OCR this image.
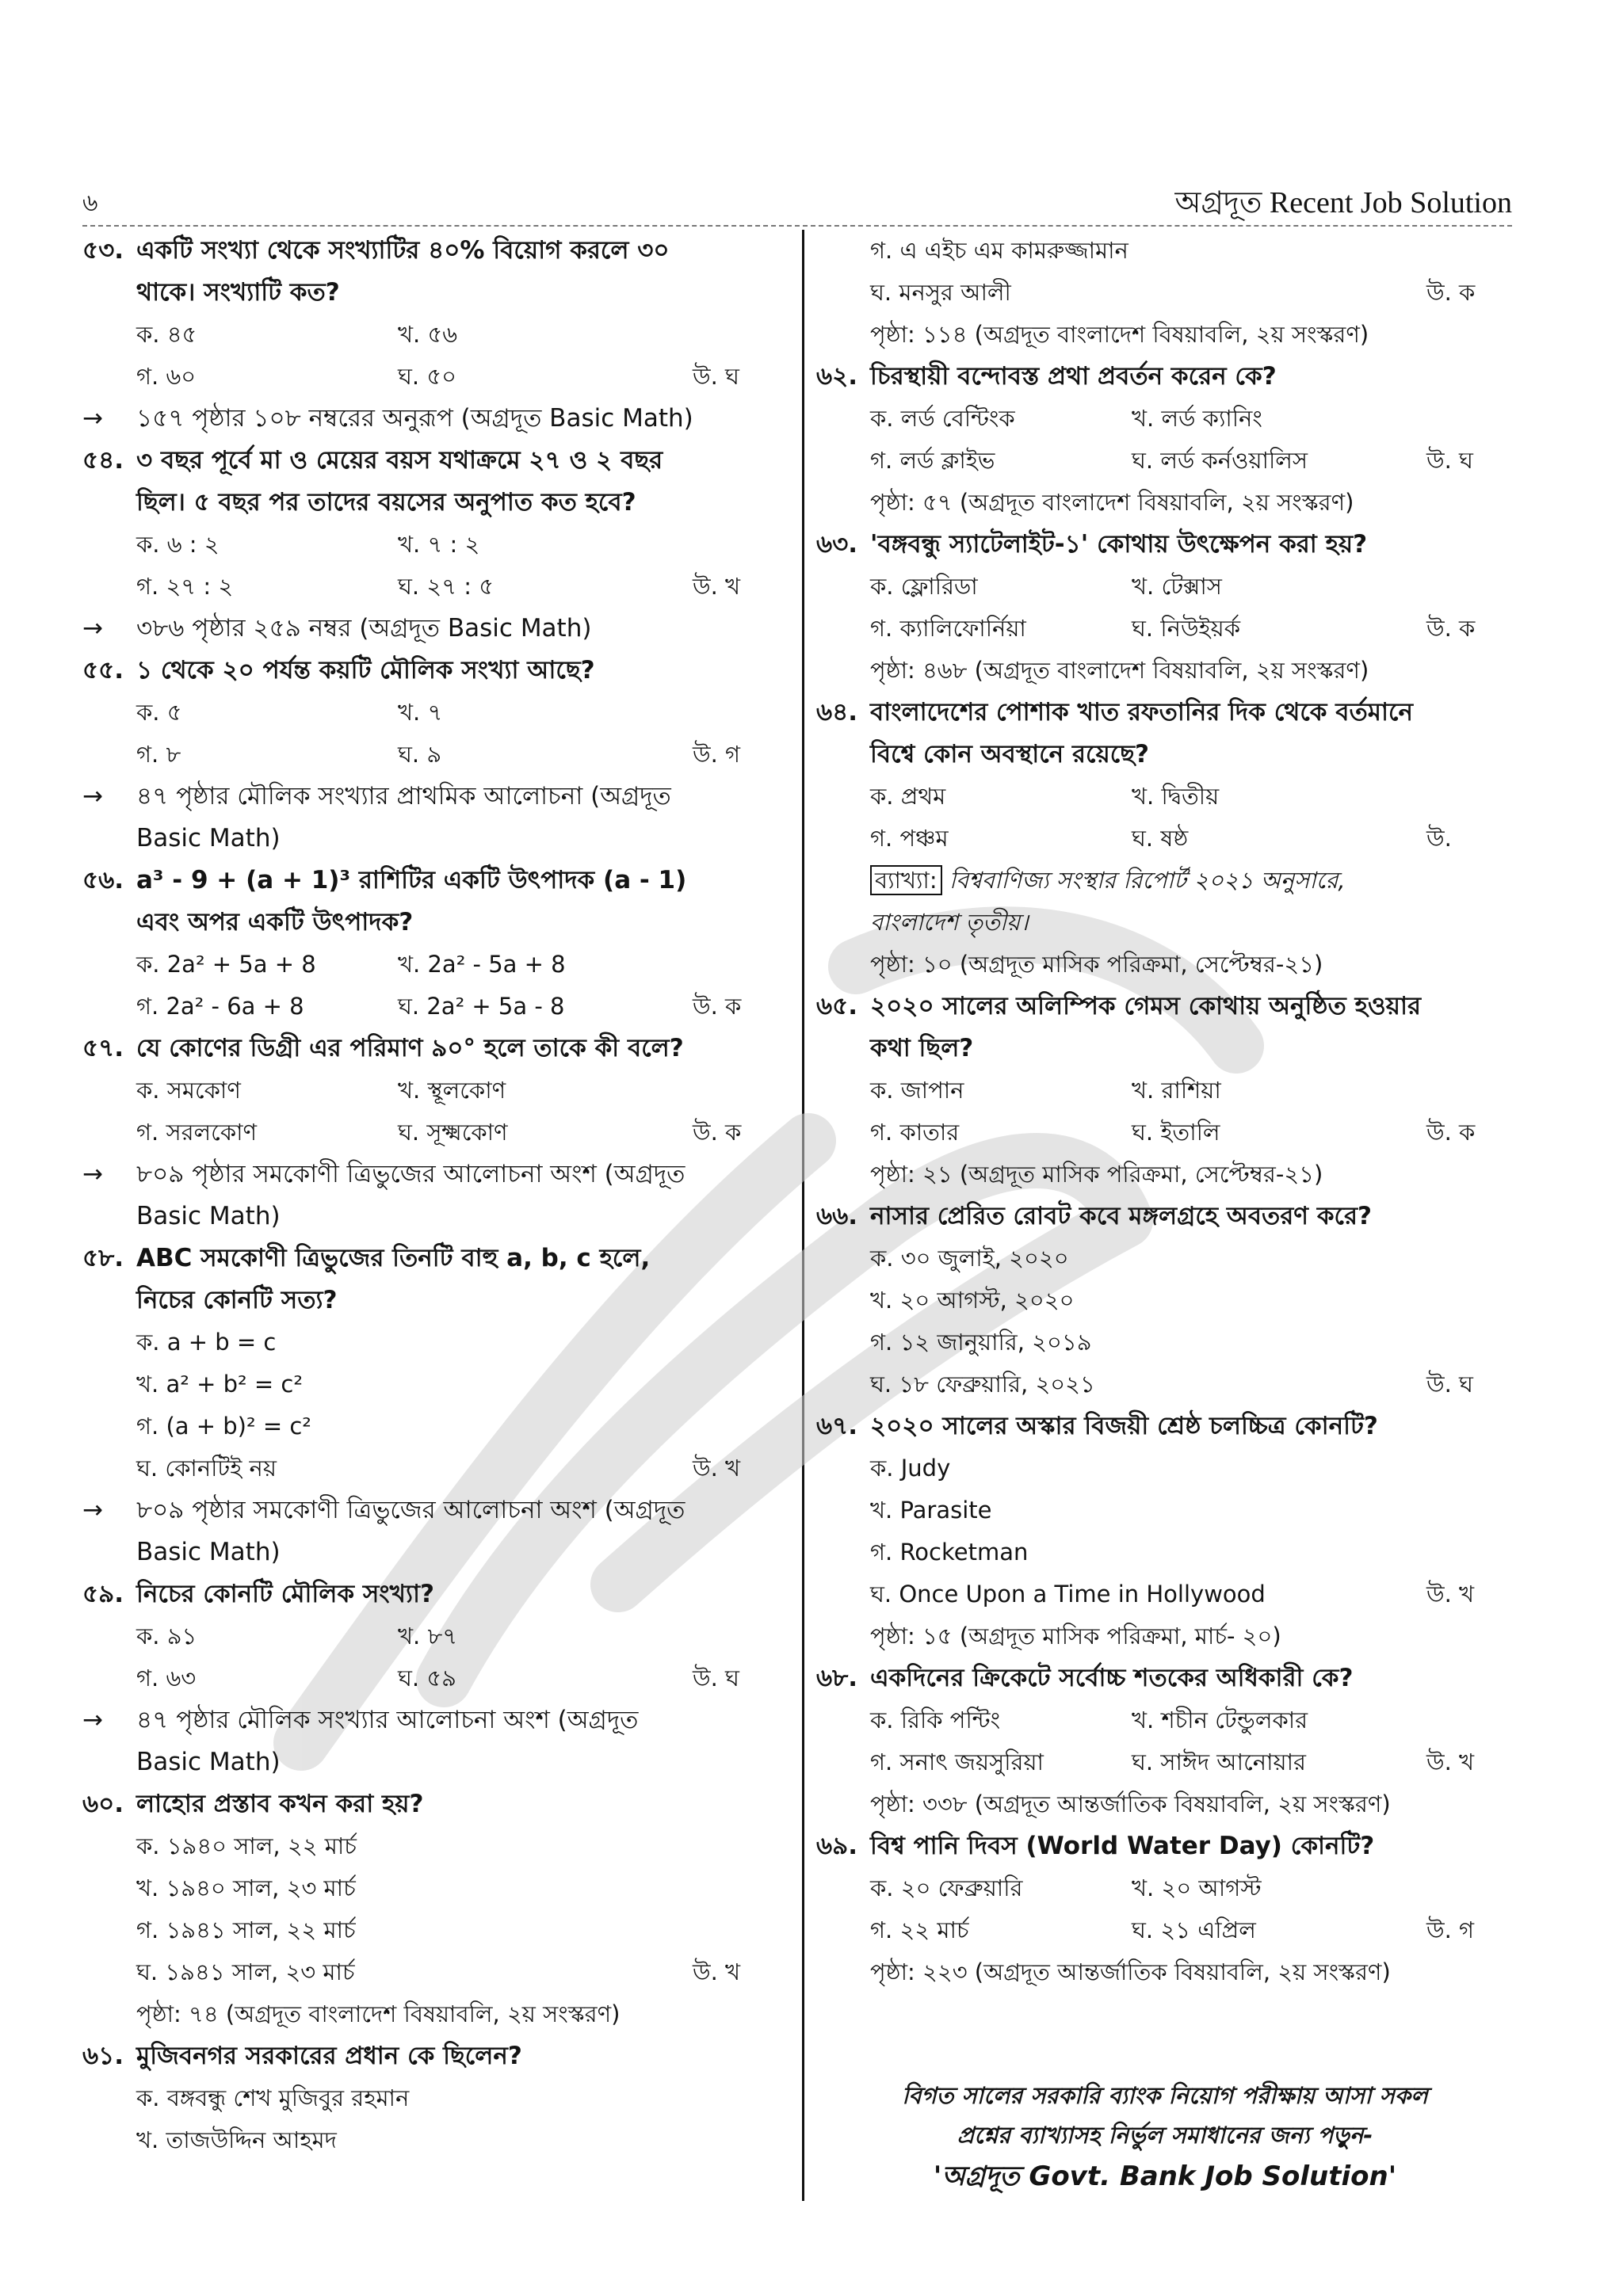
৬	অগ্রদূত Recent Job Solution
৫৩. একটি সংখ্যা থেকে সংখ্যাটির ৪০% বিয়োগ করলে ৩০
থাকে। সংখ্যাটি কত?
ক. ৪৫	খ. ৫৬
গ. ৬০	ঘ. ৫০	উ. ঘ
→	১৫৭ পৃষ্ঠার ১০৮ নম্বরের অনুরূপ (অগ্রদূত Basic Math)
৫৪. ৩ বছর পূর্বে মা ও মেয়ের বয়স যথাক্রমে ২৭ ও ২ বছর
ছিল। ৫ বছর পর তাদের বয়সের অনুপাত কত হবে?
ক. ৬ : ২	খ. ৭ : ২
গ. ২৭ : ২	ঘ. ২৭ : ৫	উ. খ
→	৩৮৬ পৃষ্ঠার ২৫৯ নম্বর (অগ্রদূত Basic Math)
৫৫. ১ থেকে ২০ পর্যন্ত কয়টি মৌলিক সংখ্যা আছে?
ক. ৫	খ. ৭
গ. ৮	ঘ. ৯	উ. গ
→	৪৭ পৃষ্ঠার মৌলিক সংখ্যার প্রাথমিক আলোচনা (অগ্রদূত
Basic Math)
৫৬. a³ - 9 + (a + 1)³ রাশিটির একটি উৎপাদক (a - 1)
এবং অপর একটি উৎপাদক?
ক. 2a² + 5a + 8	খ. 2a² - 5a + 8
গ. 2a² - 6a + 8	ঘ. 2a² + 5a - 8	উ. ক
৫৭. যে কোণের ডিগ্রী এর পরিমাণ ৯০° হলে তাকে কী বলে?
ক. সমকোণ	খ. স্থূলকোণ
গ. সরলকোণ	ঘ. সূক্ষ্মকোণ	উ. ক
→	৮০৯ পৃষ্ঠার সমকোণী ত্রিভুজের আলোচনা অংশ (অগ্রদূত
Basic Math)
৫৮. ABC সমকোণী ত্রিভুজের তিনটি বাহু a, b, c হলে,
নিচের কোনটি সত্য?
ক. a + b = c
খ. a² + b² = c²
গ. (a + b)² = c²
ঘ. কোনটিই নয়	উ. খ
→	৮০৯ পৃষ্ঠার সমকোণী ত্রিভুজের আলোচনা অংশ (অগ্রদূত
Basic Math)
৫৯. নিচের কোনটি মৌলিক সংখ্যা?
ক. ৯১	খ. ৮৭
গ. ৬৩	ঘ. ৫৯	উ. ঘ
→	৪৭ পৃষ্ঠার মৌলিক সংখ্যার আলোচনা অংশ (অগ্রদূত
Basic Math)
৬০. লাহোর প্রস্তাব কখন করা হয়?
ক. ১৯৪০ সাল, ২২ মার্চ
খ. ১৯৪০ সাল, ২৩ মার্চ
গ. ১৯৪১ সাল, ২২ মার্চ
ঘ. ১৯৪১ সাল, ২৩ মার্চ	উ. খ
পৃষ্ঠা: ৭৪ (অগ্রদূত বাংলাদেশ বিষয়াবলি, ২য় সংস্করণ)
৬১. মুজিবনগর সরকারের প্রধান কে ছিলেন?
ক. বঙ্গবন্ধু শেখ মুজিবুর রহমান
খ. তাজউদ্দিন আহমদ
গ. এ এইচ এম কামরুজ্জামান
ঘ. মনসুর আলী	উ. ক
পৃষ্ঠা: ১১৪ (অগ্রদূত বাংলাদেশ বিষয়াবলি, ২য় সংস্করণ)
৬২. চিরস্থায়ী বন্দোবস্ত প্রথা প্রবর্তন করেন কে?
ক. লর্ড বেন্টিংক	খ. লর্ড ক্যানিং
গ. লর্ড ক্লাইভ	ঘ. লর্ড কর্নওয়ালিস	উ. ঘ
পৃষ্ঠা: ৫৭ (অগ্রদূত বাংলাদেশ বিষয়াবলি, ২য় সংস্করণ)
৬৩. 'বঙ্গবন্ধু স্যাটেলাইট-১' কোথায় উৎক্ষেপন করা হয়?
ক. ফ্লোরিডা	খ. টেক্সাস
গ. ক্যালিফোর্নিয়া	ঘ. নিউইয়র্ক	উ. ক
পৃষ্ঠা: ৪৬৮ (অগ্রদূত বাংলাদেশ বিষয়াবলি, ২য় সংস্করণ)
৬৪. বাংলাদেশের পোশাক খাত রফতানির দিক থেকে বর্তমানে
বিশ্বে কোন অবস্থানে রয়েছে?
ক. প্রথম	খ. দ্বিতীয়
গ. পঞ্চম	ঘ. ষষ্ঠ	উ.
ব্যাখ্যা: বিশ্ববাণিজ্য সংস্থার রিপোর্ট ২০২১ অনুসারে,
বাংলাদেশ তৃতীয়।
পৃষ্ঠা: ১০ (অগ্রদূত মাসিক পরিক্রমা, সেপ্টেম্বর-২১)
৬৫. ২০২০ সালের অলিম্পিক গেমস কোথায় অনুষ্ঠিত হওয়ার
কথা ছিল?
ক. জাপান	খ. রাশিয়া
গ. কাতার	ঘ. ইতালি	উ. ক
পৃষ্ঠা: ২১ (অগ্রদূত মাসিক পরিক্রমা, সেপ্টেম্বর-২১)
৬৬. নাসার প্রেরিত রোবট কবে মঙ্গলগ্রহে অবতরণ করে?
ক. ৩০ জুলাই, ২০২০
খ. ২০ আগস্ট, ২০২০
গ. ১২ জানুয়ারি, ২০১৯
ঘ. ১৮ ফেব্রুয়ারি, ২০২১	উ. ঘ
৬৭. ২০২০ সালের অস্কার বিজয়ী শ্রেষ্ঠ চলচ্চিত্র কোনটি?
ক. Judy
খ. Parasite
গ. Rocketman
ঘ. Once Upon a Time in Hollywood	উ. খ
পৃষ্ঠা: ১৫ (অগ্রদূত মাসিক পরিক্রমা, মার্চ- ২০)
৬৮. একদিনের ক্রিকেটে সর্বোচ্চ শতকের অধিকারী কে?
ক. রিকি পন্টিং	খ. শচীন টেন্ডুলকার
গ. সনাৎ জয়সুরিয়া	ঘ. সাঈদ আনোয়ার	উ. খ
পৃষ্ঠা: ৩৩৮ (অগ্রদূত আন্তর্জাতিক বিষয়াবলি, ২য় সংস্করণ)
৬৯. বিশ্ব পানি দিবস (World Water Day) কোনটি?
ক. ২০ ফেব্রুয়ারি	খ. ২০ আগস্ট
গ. ২২ মার্চ	ঘ. ২১ এপ্রিল	উ. গ
পৃষ্ঠা: ২২৩ (অগ্রদূত আন্তর্জাতিক বিষয়াবলি, ২য় সংস্করণ)
বিগত সালের সরকারি ব্যাংক নিয়োগ পরীক্ষায় আসা সকল
প্রশ্নের ব্যাখ্যাসহ নির্ভুল সমাধানের জন্য পড়ুন-
'অগ্রদূত Govt. Bank Job Solution'
